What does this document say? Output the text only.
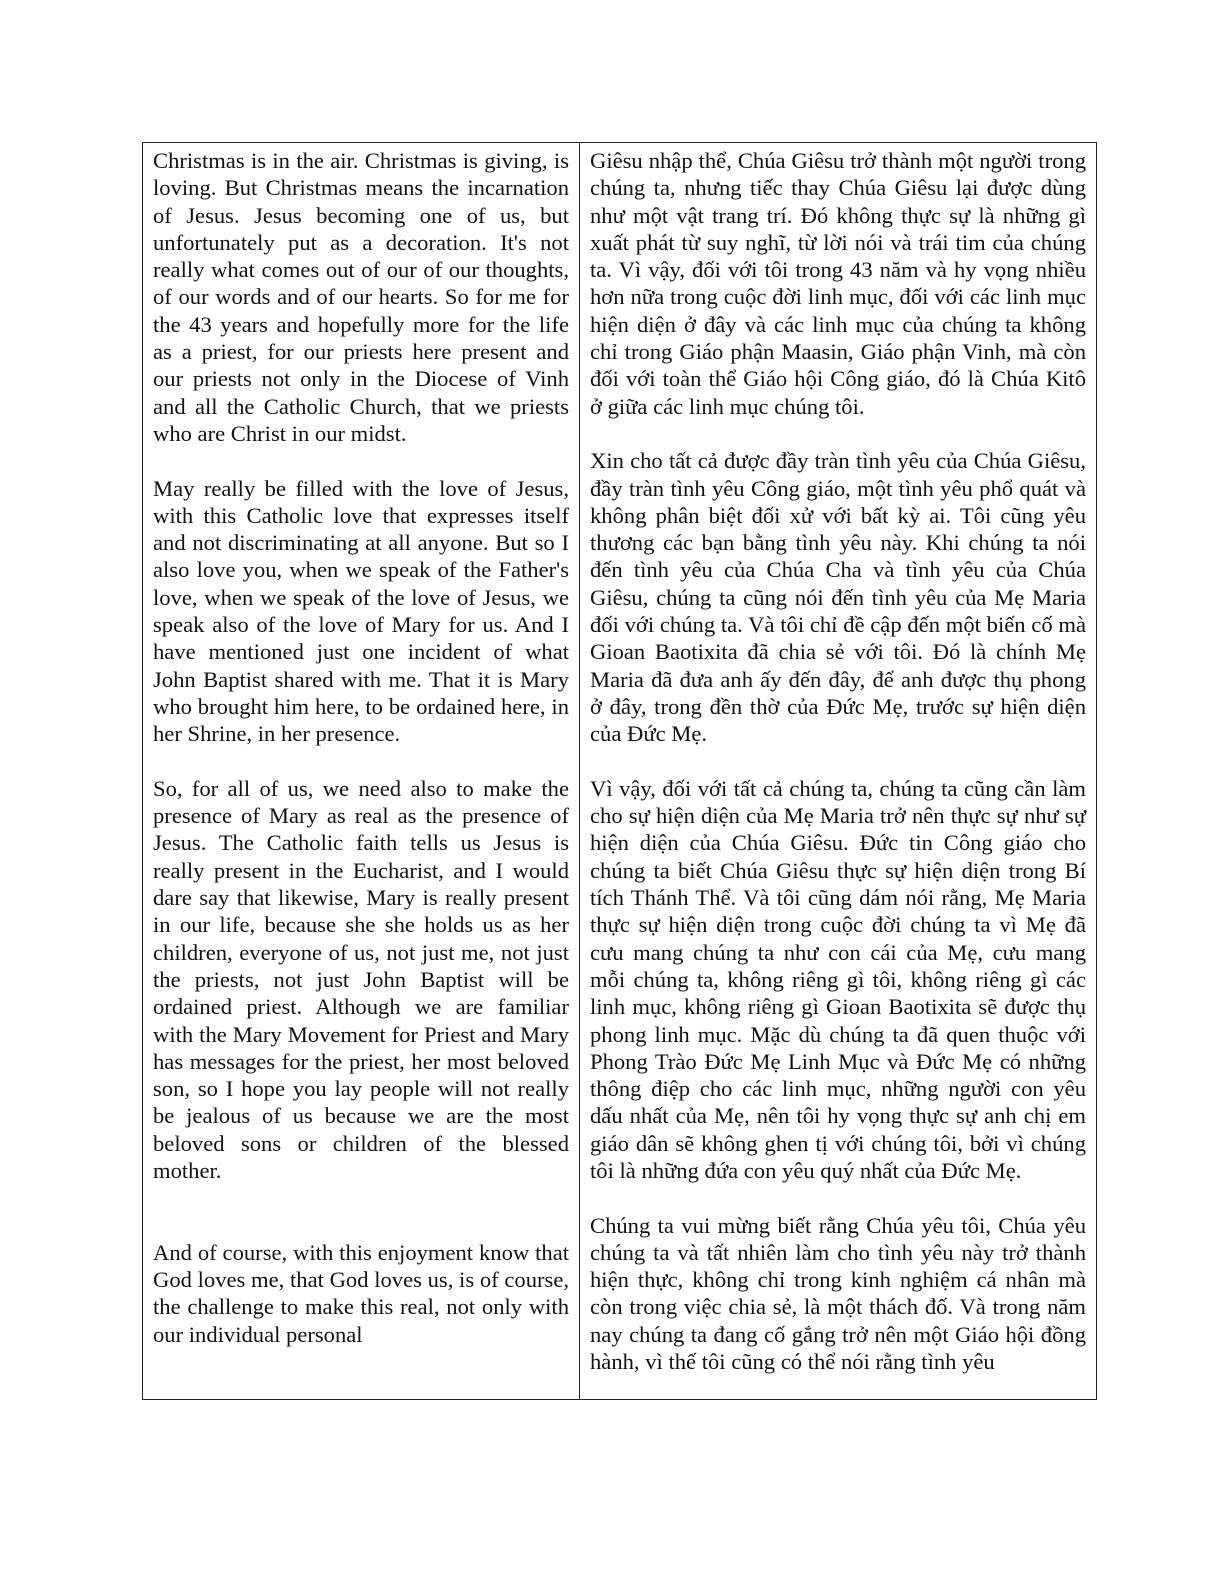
Christmas is in the air. Christmas is giving, is loving. But Christmas means the incarnation of Jesus. Jesus becoming one of us, but unfortunately put as a decoration. It's not really what comes out of our of our thoughts, of our words and of our hearts. So for me for the 43 years and hopefully more for the life as a priest, for our priests here present and our priests not only in the Diocese of Vinh and all the Catholic Church, that we priests who are Christ in our midst.

May really be filled with the love of Jesus, with this Catholic love that expresses itself and not discriminating at all anyone. But so I also love you, when we speak of the Father's love, when we speak of the love of Jesus, we speak also of the love of Mary for us. And I have mentioned just one incident of what John Baptist shared with me. That it is Mary who brought him here, to be ordained here, in her Shrine, in her presence.

So, for all of us, we need also to make the presence of Mary as real as the presence of Jesus. The Catholic faith tells us Jesus is really present in the Eucharist, and I would dare say that likewise, Mary is really present in our life, because she she holds us as her children, everyone of us, not just me, not just the priests, not just John Baptist will be ordained priest. Although we are familiar with the Mary Movement for Priest and Mary has messages for the priest, her most beloved son, so I hope you lay people will not really be jealous of us because we are the most beloved sons or children of the blessed mother.

And of course, with this enjoyment know that God loves me, that God loves us, is of course, the challenge to make this real, not only with our individual personal

Giêsu nhập thể, Chúa Giêsu trở thành một người trong chúng ta, nhưng tiếc thay Chúa Giêsu lại được dùng như một vật trang trí. Đó không thực sự là những gì xuất phát từ suy nghĩ, từ lời nói và trái tim của chúng ta. Vì vậy, đối với tôi trong 43 năm và hy vọng nhiều hơn nữa trong cuộc đời linh mục, đối với các linh mục hiện diện ở đây và các linh mục của chúng ta không chỉ trong Giáo phận Maasin, Giáo phận Vinh, mà còn đối với toàn thể Giáo hội Công giáo, đó là Chúa Kitô ở giữa các linh mục chúng tôi.

Xin cho tất cả được đầy tràn tình yêu của Chúa Giêsu, đầy tràn tình yêu Công giáo, một tình yêu phổ quát và không phân biệt đối xử với bất kỳ ai. Tôi cũng yêu thương các bạn bằng tình yêu này. Khi chúng ta nói đến tình yêu của Chúa Cha và tình yêu của Chúa Giêsu, chúng ta cũng nói đến tình yêu của Mẹ Maria đối với chúng ta. Và tôi chỉ đề cập đến một biến cố mà Gioan Baotixita đã chia sẻ với tôi. Đó là chính Mẹ Maria đã đưa anh ấy đến đây, để anh được thụ phong ở đây, trong đền thờ của Đức Mẹ, trước sự hiện diện của Đức Mẹ.

Vì vậy, đối với tất cả chúng ta, chúng ta cũng cần làm cho sự hiện diện của Mẹ Maria trở nên thực sự như sự hiện diện của Chúa Giêsu. Đức tin Công giáo cho chúng ta biết Chúa Giêsu thực sự hiện diện trong Bí tích Thánh Thể. Và tôi cũng dám nói rằng, Mẹ Maria thực sự hiện diện trong cuộc đời chúng ta vì Mẹ đã cưu mang chúng ta như con cái của Mẹ, cưu mang mỗi chúng ta, không riêng gì tôi, không riêng gì các linh mục, không riêng gì Gioan Baotixita sẽ được thụ phong linh mục. Mặc dù chúng ta đã quen thuộc với Phong Trào Đức Mẹ Linh Mục và Đức Mẹ có những thông điệp cho các linh mục, những người con yêu dấu nhất của Mẹ, nên tôi hy vọng thực sự anh chị em giáo dân sẽ không ghen tị với chúng tôi, bởi vì chúng tôi là những đứa con yêu quý nhất của Đức Mẹ.

Chúng ta vui mừng biết rằng Chúa yêu tôi, Chúa yêu chúng ta và tất nhiên làm cho tình yêu này trở thành hiện thực, không chỉ trong kinh nghiệm cá nhân mà còn trong việc chia sẻ, là một thách đố. Và trong năm nay chúng ta đang cố gắng trở nên một Giáo hội đồng hành, vì thế tôi cũng có thể nói rằng tình yêu
